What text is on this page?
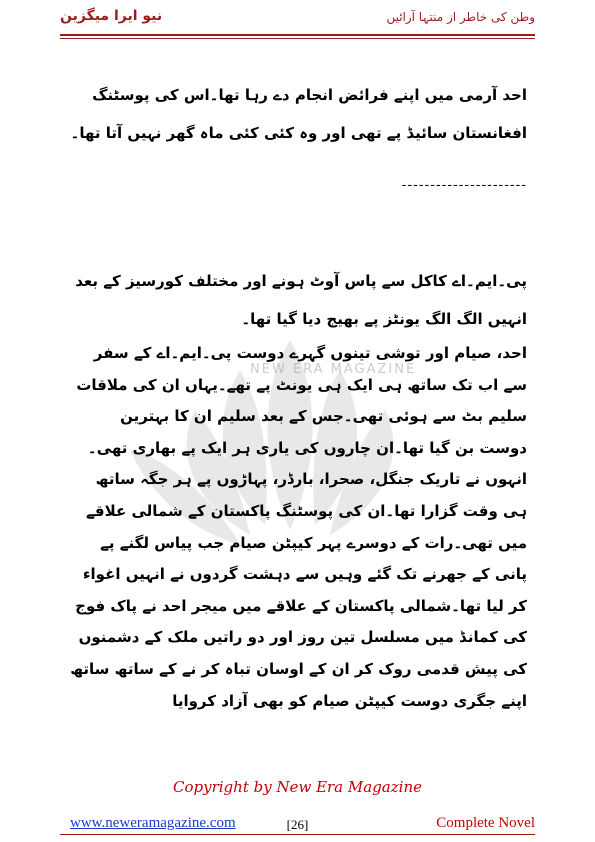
نیو ایرا میگزین	وطن کی خاطر از منتہا آرائیں
NEW ERA MAGAZINE
احد آرمی میں اپنے فرائض انجام دے رہا تھا۔اس کی پوسٹنگ افغانستان سائیڈ پے تھی اور وہ کئی کئی ماہ گھر نہیں آتا تھا۔
----------------------
پی۔ایم۔اے کاکل سے پاس آوٹ ہونے اور مختلف کورسیز کے بعد انہیں الگ الگ یونٹز پے بھیج دیا گیا تھا۔
احد، صیام اور توشی تینوں گہرے دوست پی۔ایم۔اے کے سفر سے اب تک ساتھ ہی ایک ہی یونٹ پے تھے۔یہاں ان کی ملاقات سلیم بٹ سے ہوئی تھی۔جس کے بعد سلیم ان کا بہترین دوست بن گیا تھا۔ان چاروں کی یاری ہر ایک پے بھاری تھی۔انہوں نے تاریک جنگل، صحرا، بارڈر، پہاڑوں پے ہر جگہ ساتھ ہی وقت گزارا تھا۔ان کی پوسٹنگ پاکستان کے شمالی علاقے میں تھی۔رات کے دوسرے پہر کیپٹن صیام جب پیاس لگنے پے پانی کے جھرنے تک گئے وہیں سے دہشت گردوں نے انہیں اغواء کر لیا تھا۔شمالی پاکستان کے علاقے میں میجر احد نے پاک فوج کی کمانڈ میں مسلسل تین روز اور دو راتیں ملک کے دشمنوں کی پیش قدمی روک کر ان کے اوسان تباہ کر نے کے ساتھ ساتھ اپنے جگری دوست کیپٹن صیام کو بھی آزاد کروایا
Copyright by New Era Magazine
www.neweramagazine.com	[26]	Complete Novel
